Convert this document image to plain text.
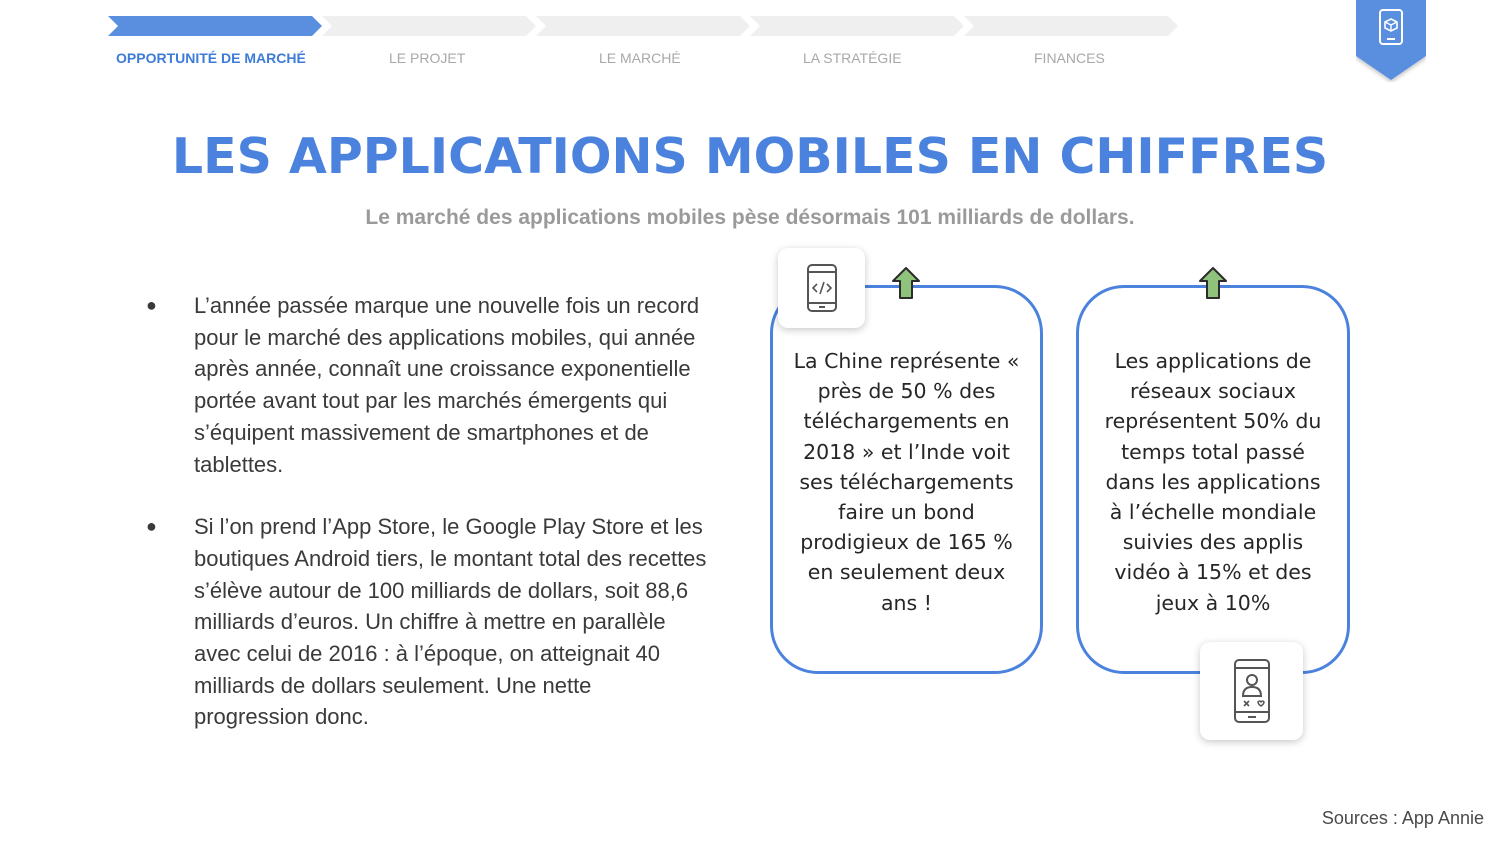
OPPORTUNITÉ DE MARCHÉ	LE PROJET	LE MARCHÉ	LA STRATÉGIE	FINANCES
LES APPLICATIONS MOBILES EN CHIFFRES
Le marché des applications mobiles pèse désormais 101 milliards de dollars.
● L’année passée marque une nouvelle fois un record pour le marché des applications mobiles, qui année après année, connaît une croissance exponentielle portée avant tout par les marchés émergents qui s’équipent massivement de smartphones et de tablettes.
● Si l’on prend l’App Store, le Google Play Store et les boutiques Android tiers, le montant total des recettes s’élève autour de 100 milliards de dollars, soit 88,6 milliards d’euros. Un chiffre à mettre en parallèle avec celui de 2016 : à l’époque, on atteignait 40 milliards de dollars seulement. Une nette progression donc.
La Chine représente « près de 50 % des téléchargements en 2018 » et l’Inde voit ses téléchargements faire un bond prodigieux de 165 % en seulement deux ans !
Les applications de réseaux sociaux représentent 50% du temps total passé dans les applications à l’échelle mondiale suivies des applis vidéo à 15% et des jeux à 10%
Sources : App Annie
